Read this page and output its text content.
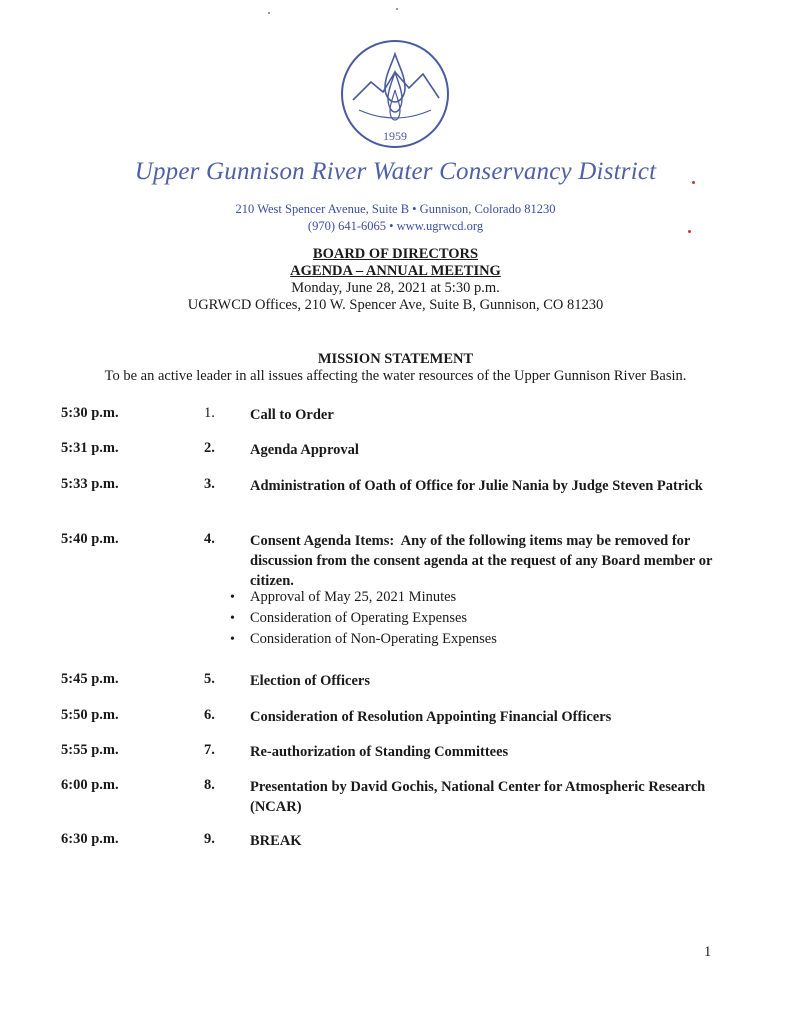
1959
Upper Gunnison River Water Conservancy District
210 West Spencer Avenue, Suite B • Gunnison, Colorado 81230
(970) 641-6065 • www.ugrwcd.org
BOARD OF DIRECTORS
AGENDA – ANNUAL MEETING
Monday, June 28, 2021 at 5:30 p.m.
UGRWCD Offices, 210 W. Spencer Ave, Suite B, Gunnison, CO 81230
MISSION STATEMENT
To be an active leader in all issues affecting the water resources of the Upper Gunnison River Basin.
5:30 p.m.	1. Call to Order
5:31 p.m.	2. Agenda Approval
5:33 p.m.	3. Administration of Oath of Office for Julie Nania by Judge Steven Patrick
5:40 p.m.	4. Consent Agenda Items: Any of the following items may be removed for discussion from the consent agenda at the request of any Board member or citizen.
• Approval of May 25, 2021 Minutes
• Consideration of Operating Expenses
• Consideration of Non-Operating Expenses
5:45 p.m.	5. Election of Officers
5:50 p.m.	6. Consideration of Resolution Appointing Financial Officers
5:55 p.m.	7. Re-authorization of Standing Committees
6:00 p.m.	8. Presentation by David Gochis, National Center for Atmospheric Research (NCAR)
6:30 p.m.	9. BREAK
1
